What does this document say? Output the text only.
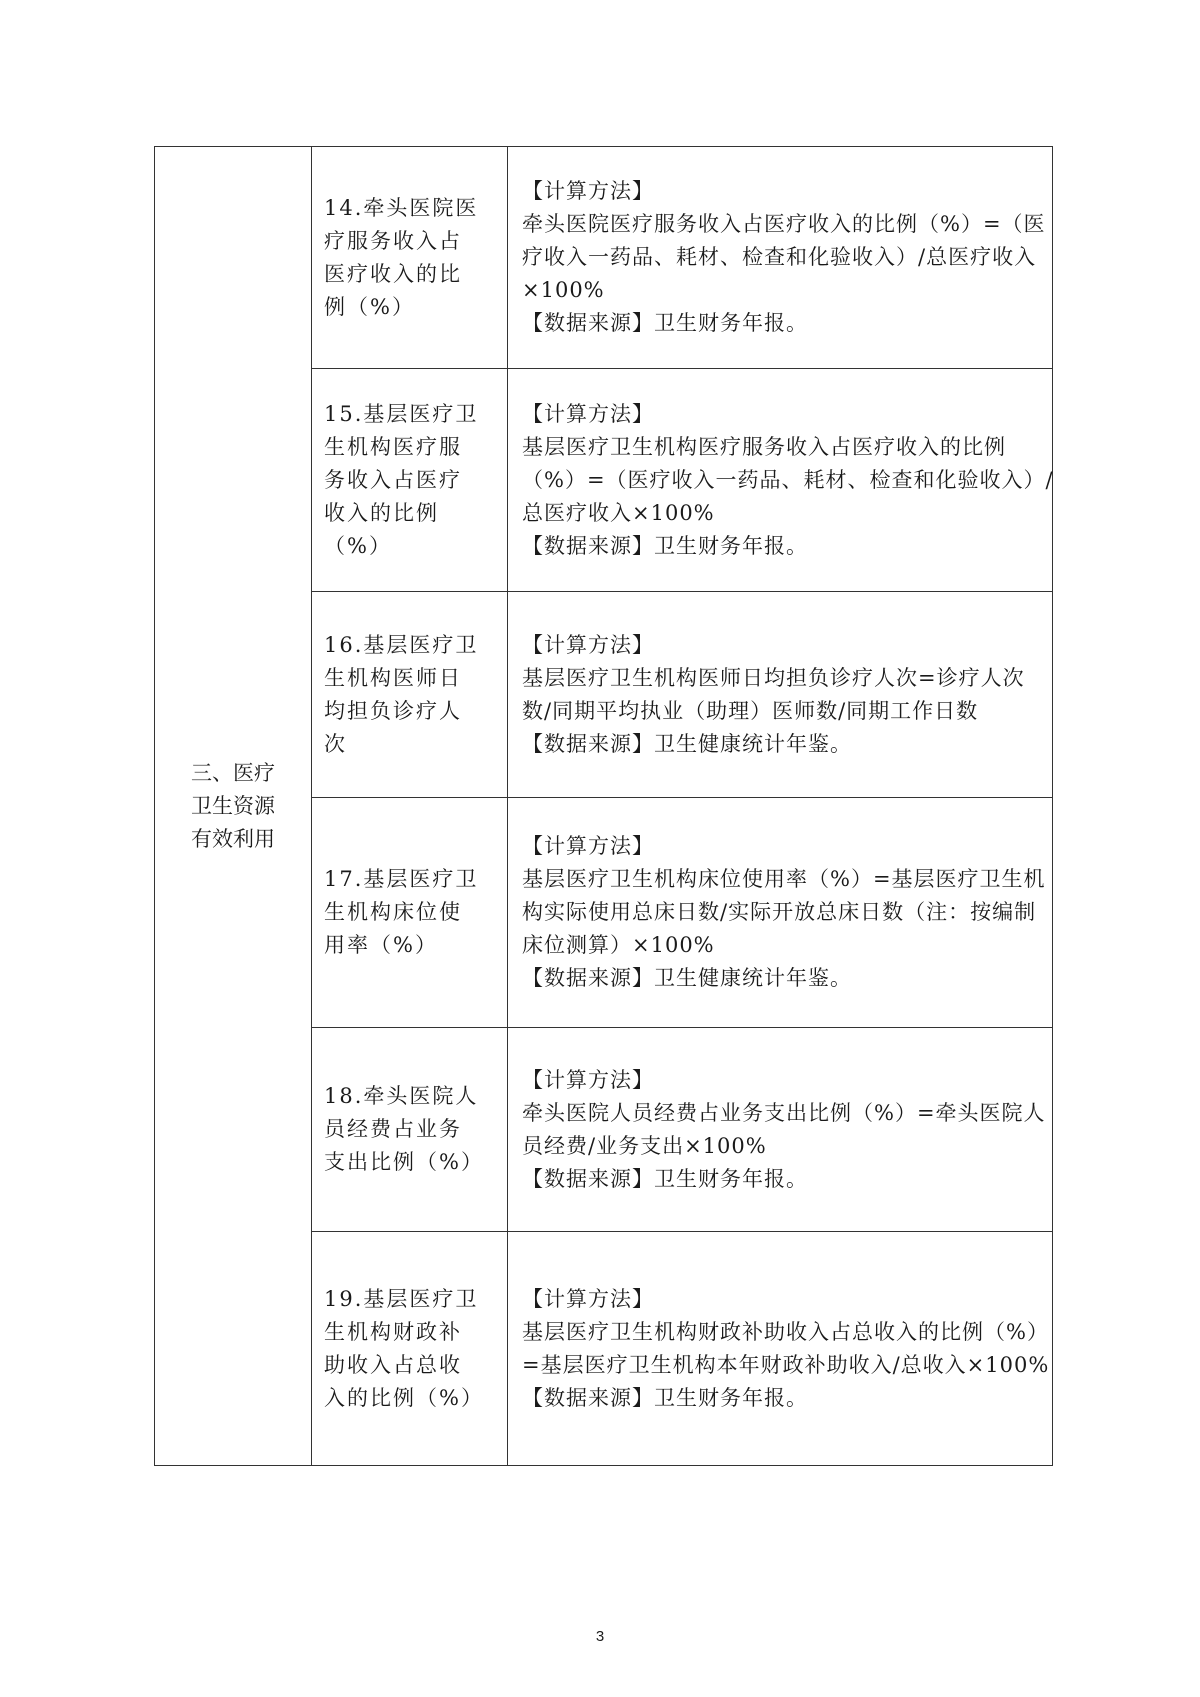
三、医疗
卫生资源
有效利用	14.牵头医院医
疗服务收入占
医疗收入的比
例（%）	【计算方法】
牵头医院医疗服务收入占医疗收入的比例（%）=（医
疗收入一药品、耗材、检查和化验收入）/总医疗收入
×100%
【数据来源】卫生财务年报。

	15.基层医疗卫
生机构医疗服
务收入占医疗
收入的比例
（%）	【计算方法】
基层医疗卫生机构医疗服务收入占医疗收入的比例
（%）=（医疗收入一药品、耗材、检查和化验收入）/
总医疗收入×100%
【数据来源】卫生财务年报。

	16.基层医疗卫
生机构医师日
均担负诊疗人
次	【计算方法】
基层医疗卫生机构医师日均担负诊疗人次=诊疗人次
数/同期平均执业（助理）医师数/同期工作日数
【数据来源】卫生健康统计年鉴。

	17.基层医疗卫
生机构床位使
用率（%）	【计算方法】
基层医疗卫生机构床位使用率（%）=基层医疗卫生机
构实际使用总床日数/实际开放总床日数（注：按编制
床位测算）×100%
【数据来源】卫生健康统计年鉴。

	18.牵头医院人
员经费占业务
支出比例（%）	【计算方法】
牵头医院人员经费占业务支出比例（%）=牵头医院人
员经费/业务支出×100%
【数据来源】卫生财务年报。

	19.基层医疗卫
生机构财政补
助收入占总收
入的比例（%）	【计算方法】
基层医疗卫生机构财政补助收入占总收入的比例（%）
=基层医疗卫生机构本年财政补助收入/总收入×100%
【数据来源】卫生财务年报。
3
